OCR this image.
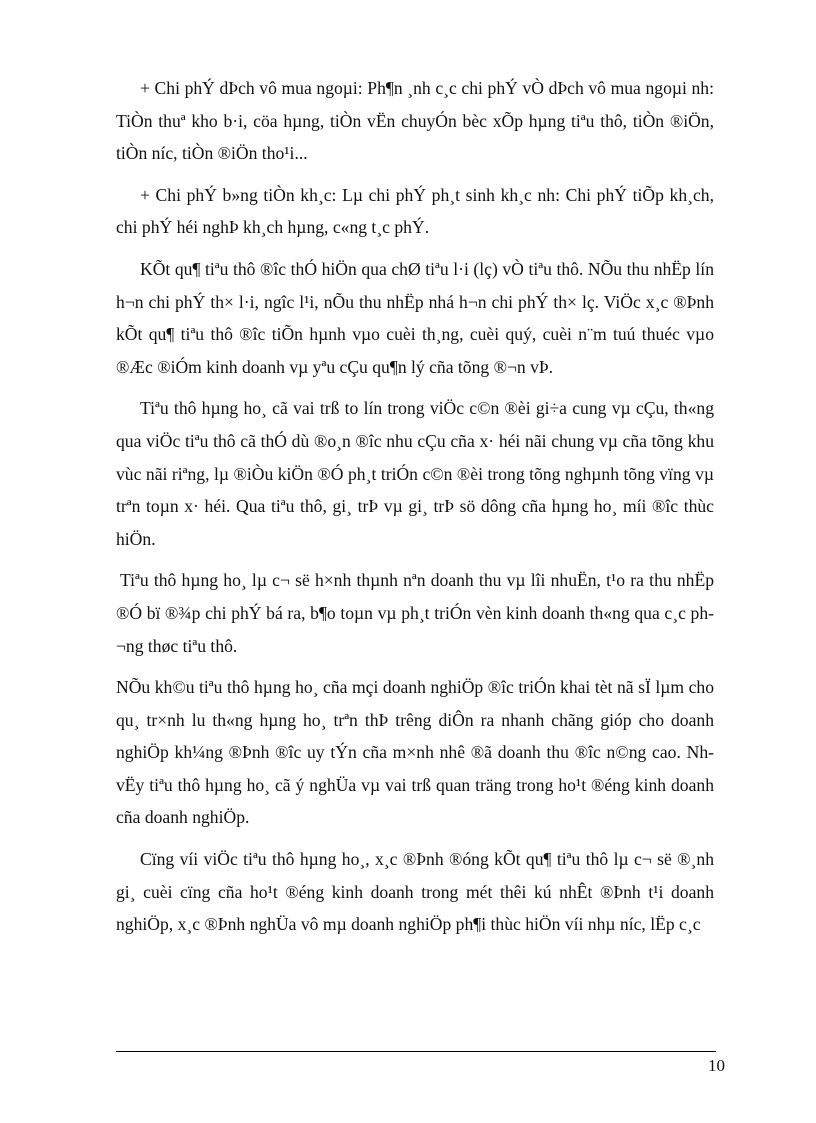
+ Chi phÝ dÞch vô mua ngoµi: Ph¶n ¸nh c¸c chi phÝ vÒ dÞch vô mua ngoµi nh: TiÒn thuª kho b·i, cöa hµng, tiÒn vËn chuyÓn bèc xÕp hµng tiªu thô, tiÒn ®iÖn, tiÒn níc, tiÒn ®iÖn tho¹i...

+ Chi phÝ b»ng tiÒn kh¸c: Lµ chi phÝ ph¸t sinh kh¸c nh: Chi phÝ tiÕp kh¸ch, chi phÝ héi nghÞ kh¸ch hµng, c«ng t¸c phÝ.

KÕt qu¶ tiªu thô ®îc thÓ hiÖn qua chØ tiªu l·i (lç) vÒ tiªu thô. NÕu thu nhËp lín h¬n chi phÝ th× l·i, ngîc l¹i, nÕu thu nhËp nhá h¬n chi phÝ th× lç. ViÖc x¸c ®Þnh kÕt qu¶ tiªu thô ®îc tiÕn hµnh vµo cuèi th¸ng, cuèi quý, cuèi n¨m tuú thuéc vµo ®Æc ®iÓm kinh doanh vµ yªu cÇu qu¶n lý cña tõng ®¬n vÞ.

Tiªu thô hµng ho¸ cã vai trß to lín trong viÖc c©n ®èi gi÷a cung vµ cÇu, th«ng qua viÖc tiªu thô cã thÓ dù ®o¸n ®îc nhu cÇu cña x· héi nãi chung vµ cña tõng khu vùc nãi riªng, lµ ®iÒu kiÖn ®Ó ph¸t triÓn c©n ®èi trong tõng nghµnh tõng vïng vµ trªn toµn x· héi. Qua tiªu thô, gi¸ trÞ vµ gi¸ trÞ sö dông cña hµng ho¸ míi ®îc thùc hiÖn.

Tiªu thô hµng ho¸ lµ c¬ së h×nh thµnh nªn doanh thu vµ lîi nhuËn, t¹o ra thu nhËp ®Ó bï ®¾p chi phÝ bá ra, b¶o toµn vµ ph¸t triÓn vèn kinh doanh th«ng qua c¸c ph¬ng thøc tiªu thô.

NÕu kh©u tiªu thô hµng ho¸ cña mçi doanh nghiÖp ®îc triÓn khai tèt nã sÏ lµm cho qu¸ tr×nh lu th«ng hµng ho¸ trªn thÞ trêng diÔn ra nhanh chãng gióp cho doanh nghiÖp kh¼ng ®Þnh ®îc uy tÝn cña m×nh nhê ®ã doanh thu ®îc n©ng cao. Nh vËy tiªu thô hµng ho¸ cã ý nghÜa vµ vai trß quan träng trong ho¹t ®éng kinh doanh cña doanh nghiÖp.

Cïng víi viÖc tiªu thô hµng ho¸, x¸c ®Þnh ®óng kÕt qu¶ tiªu thô lµ c¬ së ®¸nh gi¸ cuèi cïng cña ho¹t ®éng kinh doanh trong mét thêi kú nhÊt ®Þnh t¹i doanh nghiÖp, x¸c ®Þnh nghÜa vô mµ doanh nghiÖp ph¶i thùc hiÖn víi nhµ níc, lËp c¸c

10
